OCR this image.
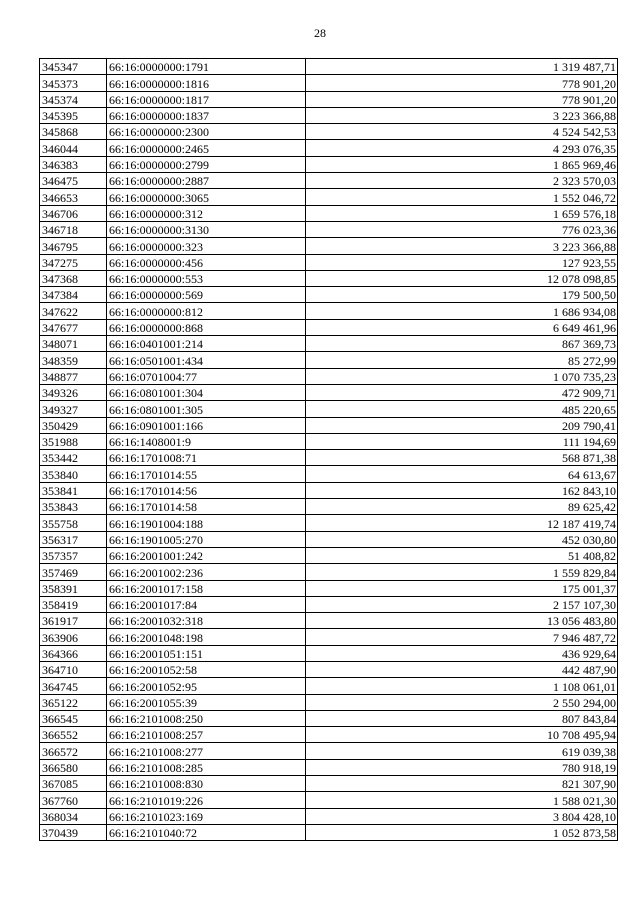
28
345347	66:16:0000000:1791	1 319 487,71
345373	66:16:0000000:1816	778 901,20
345374	66:16:0000000:1817	778 901,20
345395	66:16:0000000:1837	3 223 366,88
345868	66:16:0000000:2300	4 524 542,53
346044	66:16:0000000:2465	4 293 076,35
346383	66:16:0000000:2799	1 865 969,46
346475	66:16:0000000:2887	2 323 570,03
346653	66:16:0000000:3065	1 552 046,72
346706	66:16:0000000:312	1 659 576,18
346718	66:16:0000000:3130	776 023,36
346795	66:16:0000000:323	3 223 366,88
347275	66:16:0000000:456	127 923,55
347368	66:16:0000000:553	12 078 098,85
347384	66:16:0000000:569	179 500,50
347622	66:16:0000000:812	1 686 934,08
347677	66:16:0000000:868	6 649 461,96
348071	66:16:0401001:214	867 369,73
348359	66:16:0501001:434	85 272,99
348877	66:16:0701004:77	1 070 735,23
349326	66:16:0801001:304	472 909,71
349327	66:16:0801001:305	485 220,65
350429	66:16:0901001:166	209 790,41
351988	66:16:1408001:9	111 194,69
353442	66:16:1701008:71	568 871,38
353840	66:16:1701014:55	64 613,67
353841	66:16:1701014:56	162 843,10
353843	66:16:1701014:58	89 625,42
355758	66:16:1901004:188	12 187 419,74
356317	66:16:1901005:270	452 030,80
357357	66:16:2001001:242	51 408,82
357469	66:16:2001002:236	1 559 829,84
358391	66:16:2001017:158	175 001,37
358419	66:16:2001017:84	2 157 107,30
361917	66:16:2001032:318	13 056 483,80
363906	66:16:2001048:198	7 946 487,72
364366	66:16:2001051:151	436 929,64
364710	66:16:2001052:58	442 487,90
364745	66:16:2001052:95	1 108 061,01
365122	66:16:2001055:39	2 550 294,00
366545	66:16:2101008:250	807 843,84
366552	66:16:2101008:257	10 708 495,94
366572	66:16:2101008:277	619 039,38
366580	66:16:2101008:285	780 918,19
367085	66:16:2101008:830	821 307,90
367760	66:16:2101019:226	1 588 021,30
368034	66:16:2101023:169	3 804 428,10
370439	66:16:2101040:72	1 052 873,58
